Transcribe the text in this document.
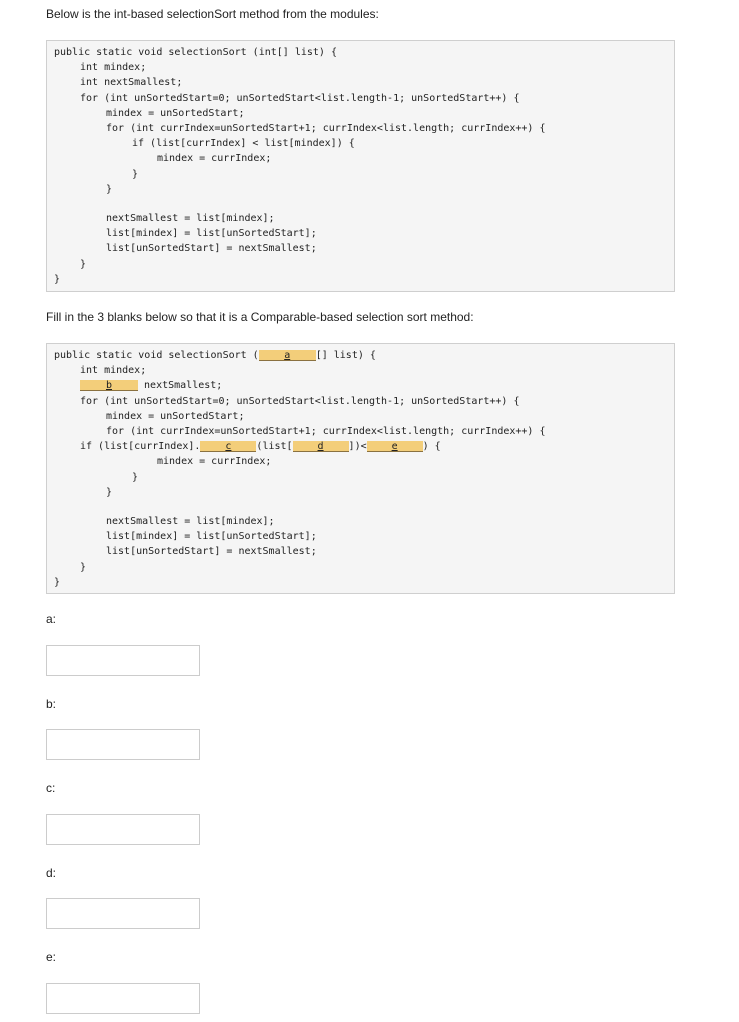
Below is the int-based selectionSort method from the modules:

public static void selectionSort (int[] list) {
int mindex;
int nextSmallest;
for (int unSortedStart=0; unSortedStart<list.length-1; unSortedStart++) {
mindex = unSortedStart;
for (int currIndex=unSortedStart+1; currIndex<list.length; currIndex++) {
if (list[currIndex] < list[mindex]) {
mindex = currIndex;
}
}
nextSmallest = list[mindex];
list[mindex] = list[unSortedStart];
list[unSortedStart] = nextSmallest;
}
}

Fill in the 3 blanks below so that it is a Comparable-based selection sort method:

public static void selectionSort (	a	[] list) {
int mindex;
b	nextSmallest;
for (int unSortedStart=0; unSortedStart<list.length-1; unSortedStart++) {
mindex = unSortedStart;
for (int currIndex=unSortedStart+1; currIndex<list.length; currIndex++) {
if (list[currIndex]. c (list[ d ])< e ) {
mindex = currIndex;
}
}
nextSmallest = list[mindex];
list[mindex] = list[unSortedStart];
list[unSortedStart] = nextSmallest;
}
}
a:
b:
c:
d:
e:
